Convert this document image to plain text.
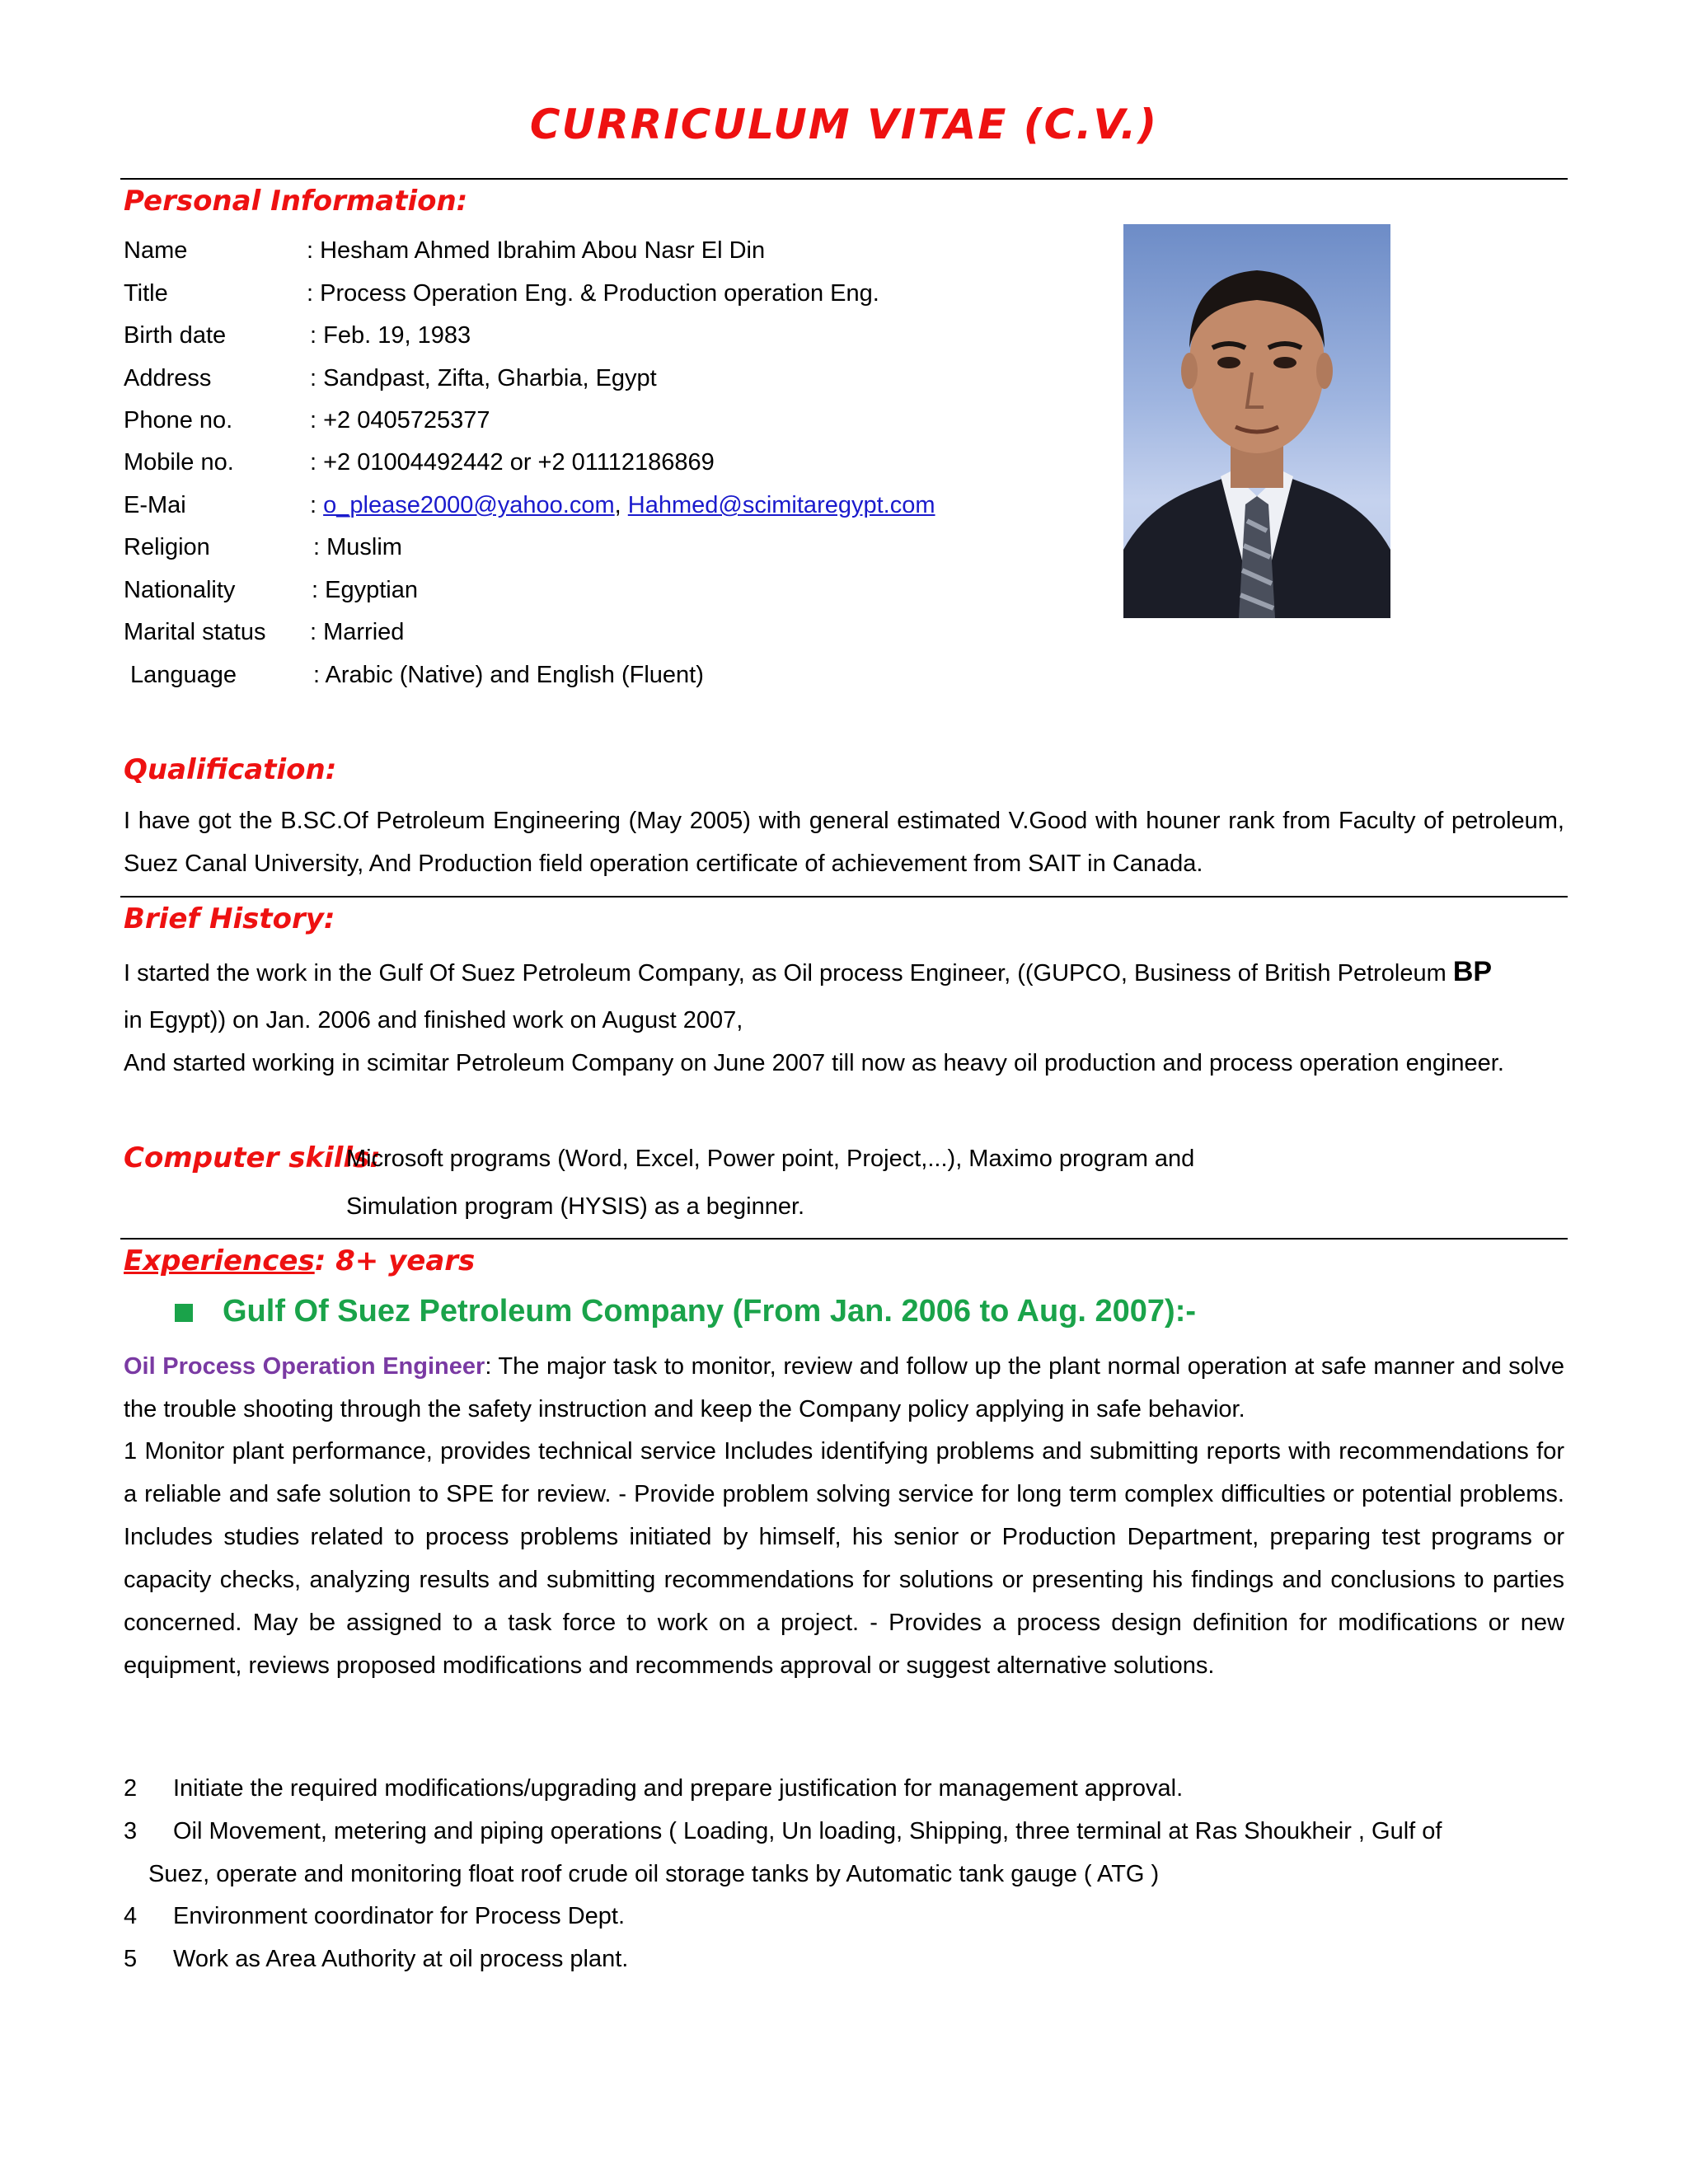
CURRICULUM VITAE (C.V.)
Personal Information:
Name	: Hesham Ahmed Ibrahim Abou Nasr El Din
Title	: Process Operation Eng. & Production operation Eng.
Birth date	: Feb. 19, 1983
Address	: Sandpast, Zifta, Gharbia, Egypt
Phone no.	: +2 0405725377
Mobile no.	: +2 01004492442 or +2 01112186869
E-Mai	: o_please2000@yahoo.com, Hahmed@scimitaregypt.com
Religion	: Muslim
Nationality	: Egyptian
Marital status : Married
Language	: Arabic (Native) and English (Fluent)
Qualification:
I have got the B.SC.Of Petroleum Engineering (May 2005) with general estimated V.Good with houner rank from Faculty of petroleum, Suez Canal University, And Production field operation certificate of achievement from SAIT in Canada.
Brief History:
I started the work in the Gulf Of Suez Petroleum Company, as Oil process Engineer, ((GUPCO, Business of British Petroleum BP
in Egypt)) on Jan. 2006 and finished work on August 2007,
And started working in scimitar Petroleum Company on June 2007 till now as heavy oil production and process operation engineer.
Computer skills:
Microsoft programs (Word, Excel, Power point, Project,...), Maximo program and
Simulation program (HYSIS) as a beginner.
Experiences: 8+ years
Gulf Of Suez Petroleum Company (From Jan. 2006 to Aug. 2007):-
Oil Process Operation Engineer: The major task to monitor, review and follow up the plant normal operation at safe manner and solve the trouble shooting through the safety instruction and keep the Company policy applying in safe behavior.
1 Monitor plant performance, provides technical service Includes identifying problems and submitting reports with recommendations for a reliable and safe solution to SPE for review. - Provide problem solving service for long term complex difficulties or potential problems. Includes studies related to process problems initiated by himself, his senior or Production Department, preparing test programs or capacity checks, analyzing results and submitting recommendations for solutions or presenting his findings and conclusions to parties concerned. May be assigned to a task force to work on a project. - Provides a process design definition for modifications or new equipment, reviews proposed modifications and recommends approval or suggest alternative solutions.
2 Initiate the required modifications/upgrading and prepare justification for management approval.
3 Oil Movement, metering and piping operations ( Loading, Un loading, Shipping, three terminal at Ras Shoukheir , Gulf of
Suez, operate and monitoring float roof crude oil storage tanks by Automatic tank gauge ( ATG )
4 Environment coordinator for Process Dept.
5 Work as Area Authority at oil process plant.
